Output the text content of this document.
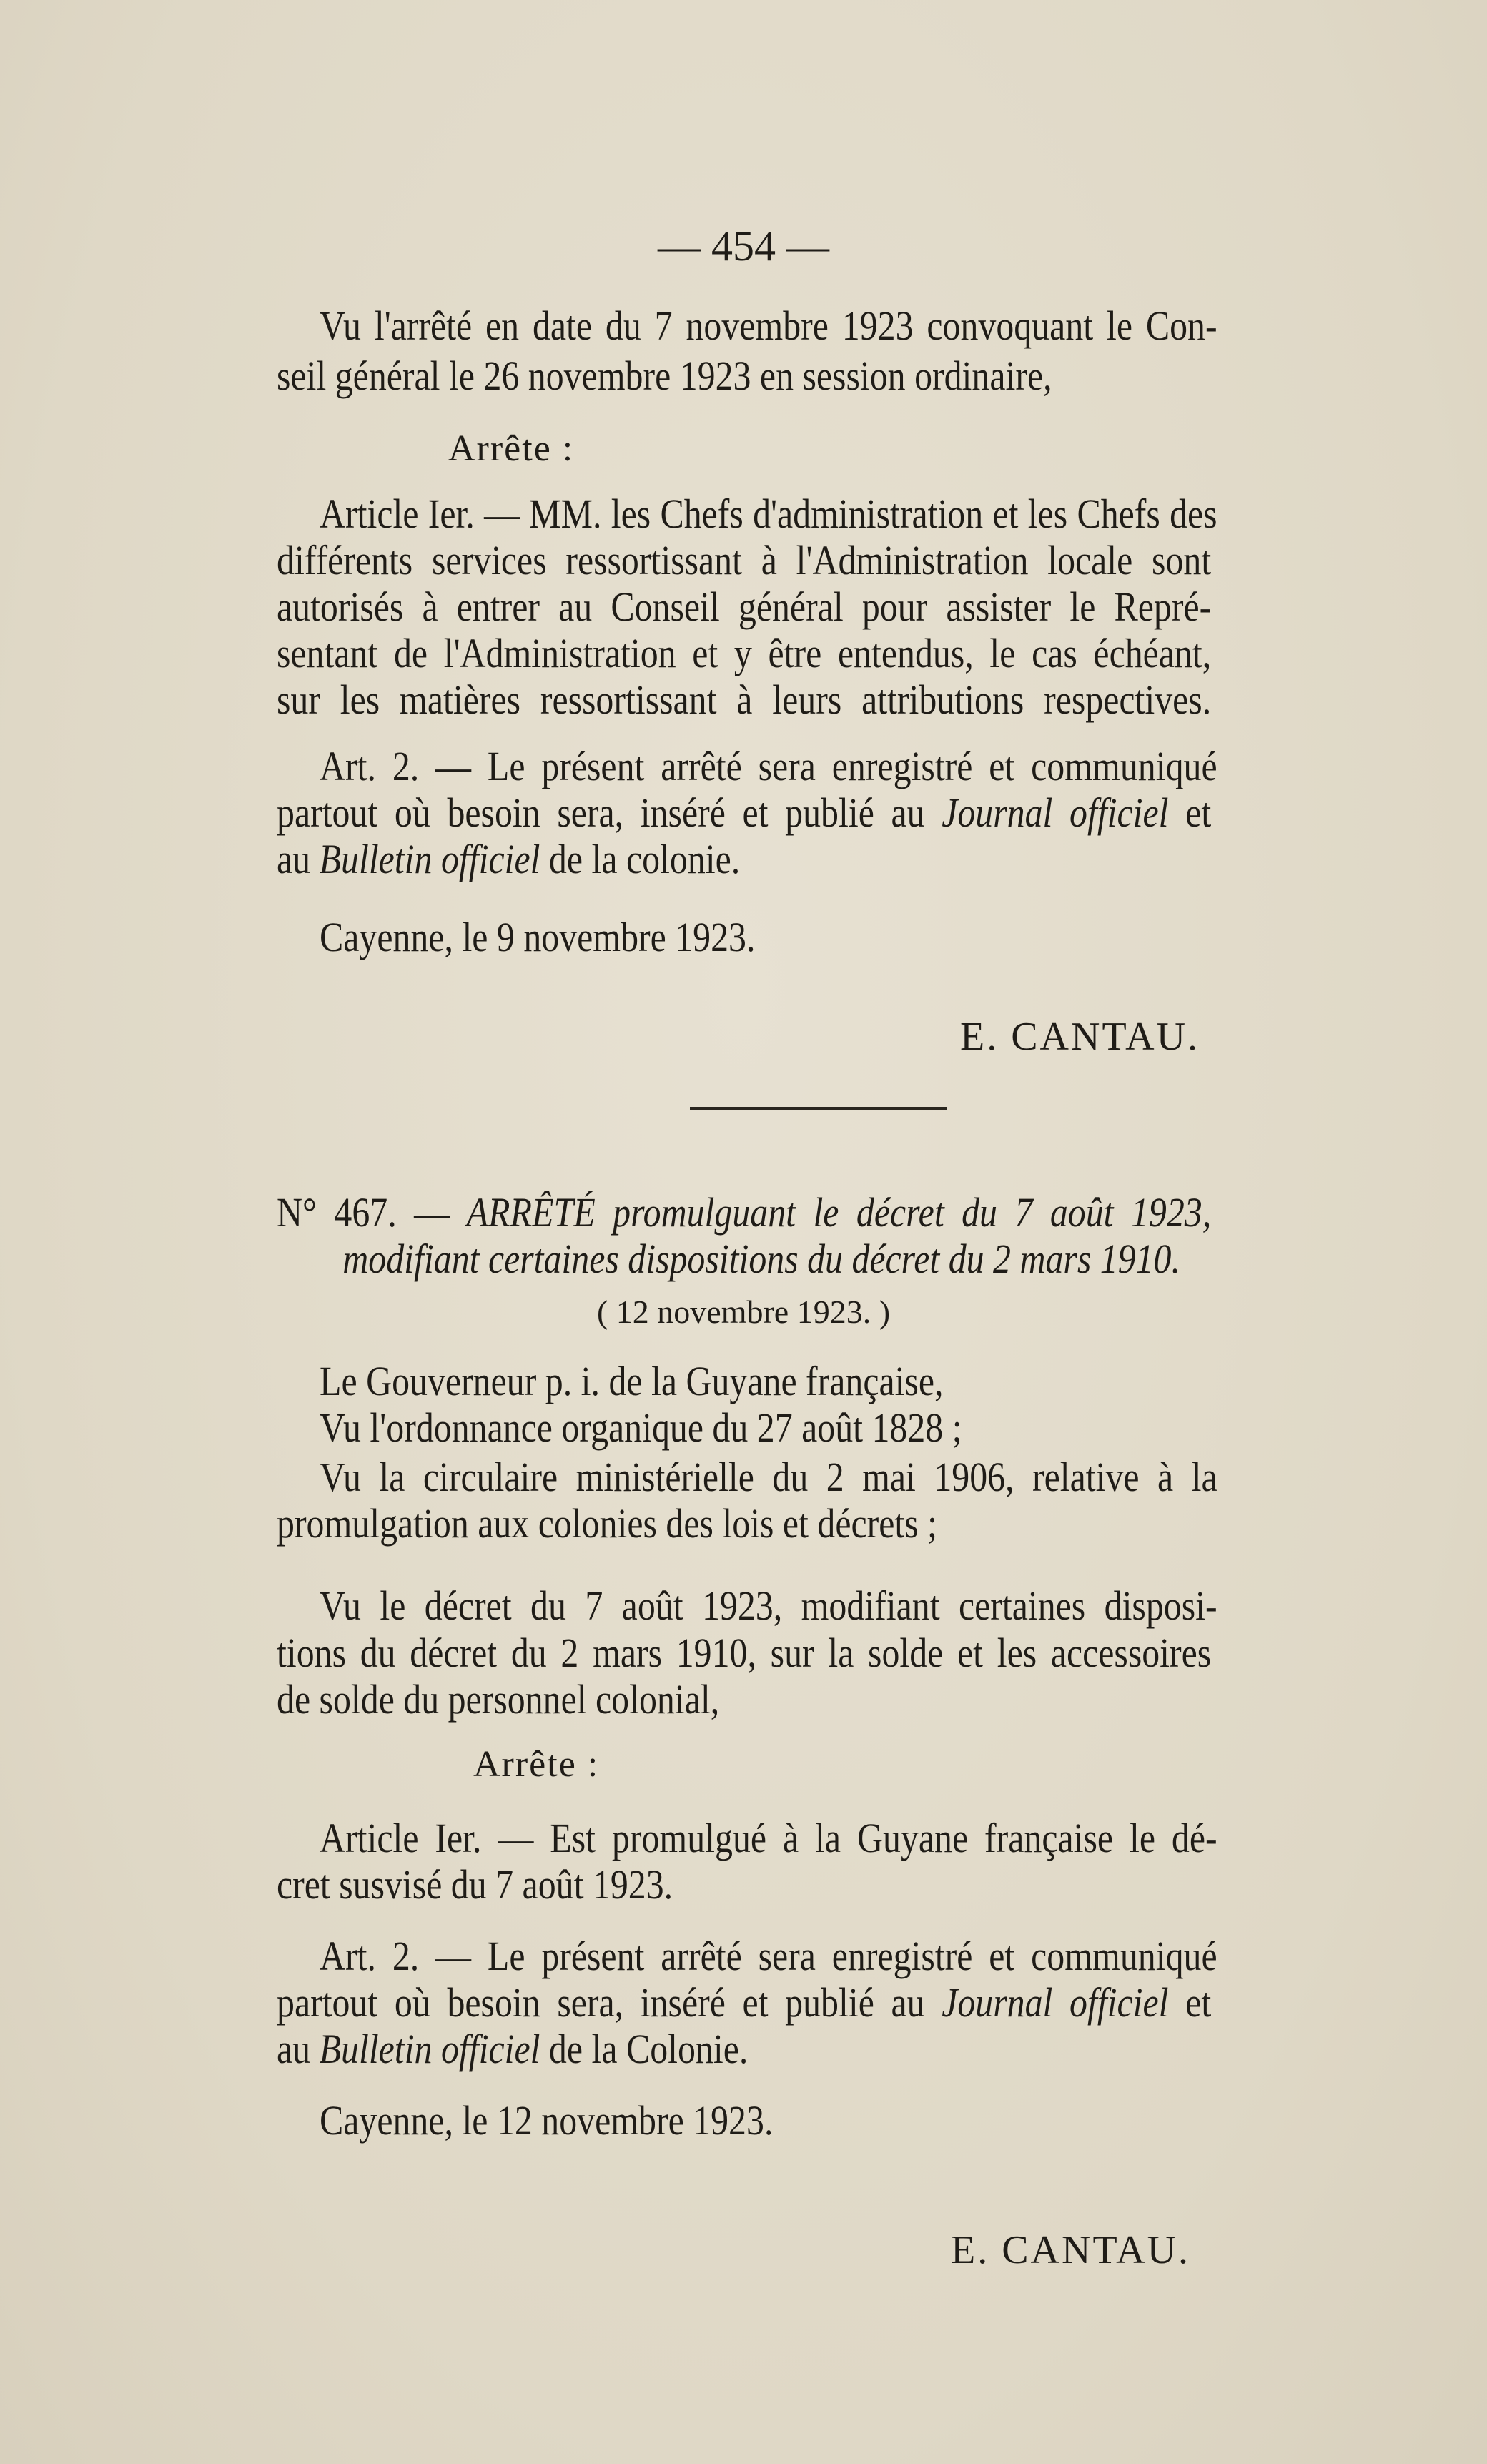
— 454 —
Vu l'arrêté en date du 7 novembre 1923 convoquant le Con-
seil général le 26 novembre 1923 en session ordinaire,
Arrête :
Article Ier. — MM. les Chefs d'administration et les Chefs des
différents services ressortissant à l'Administration locale sont
autorisés à entrer au Conseil général pour assister le Repré-
sentant de l'Administration et y être entendus, le cas échéant,
sur les matières ressortissant à leurs attributions respectives.
Art. 2. — Le présent arrêté sera enregistré et communiqué
partout où besoin sera, inséré et publié au Journal officiel et
au Bulletin officiel de la colonie.
Cayenne, le 9 novembre 1923.
E. CANTAU.
N° 467. — ARRÊTÉ promulguant le décret du 7 août 1923,
modifiant certaines dispositions du décret du 2 mars 1910.
( 12 novembre 1923. )
Le Gouverneur p. i. de la Guyane française,
Vu l'ordonnance organique du 27 août 1828 ;
Vu la circulaire ministérielle du 2 mai 1906, relative à la
promulgation aux colonies des lois et décrets ;
Vu le décret du 7 août 1923, modifiant certaines disposi-
tions du décret du 2 mars 1910, sur la solde et les accessoires
de solde du personnel colonial,
Arrête :
Article Ier. — Est promulgué à la Guyane française le dé-
cret susvisé du 7 août 1923.
Art. 2. — Le présent arrêté sera enregistré et communiqué
partout où besoin sera, inséré et publié au Journal officiel et
au Bulletin officiel de la Colonie.
Cayenne, le 12 novembre 1923.
E. CANTAU.
